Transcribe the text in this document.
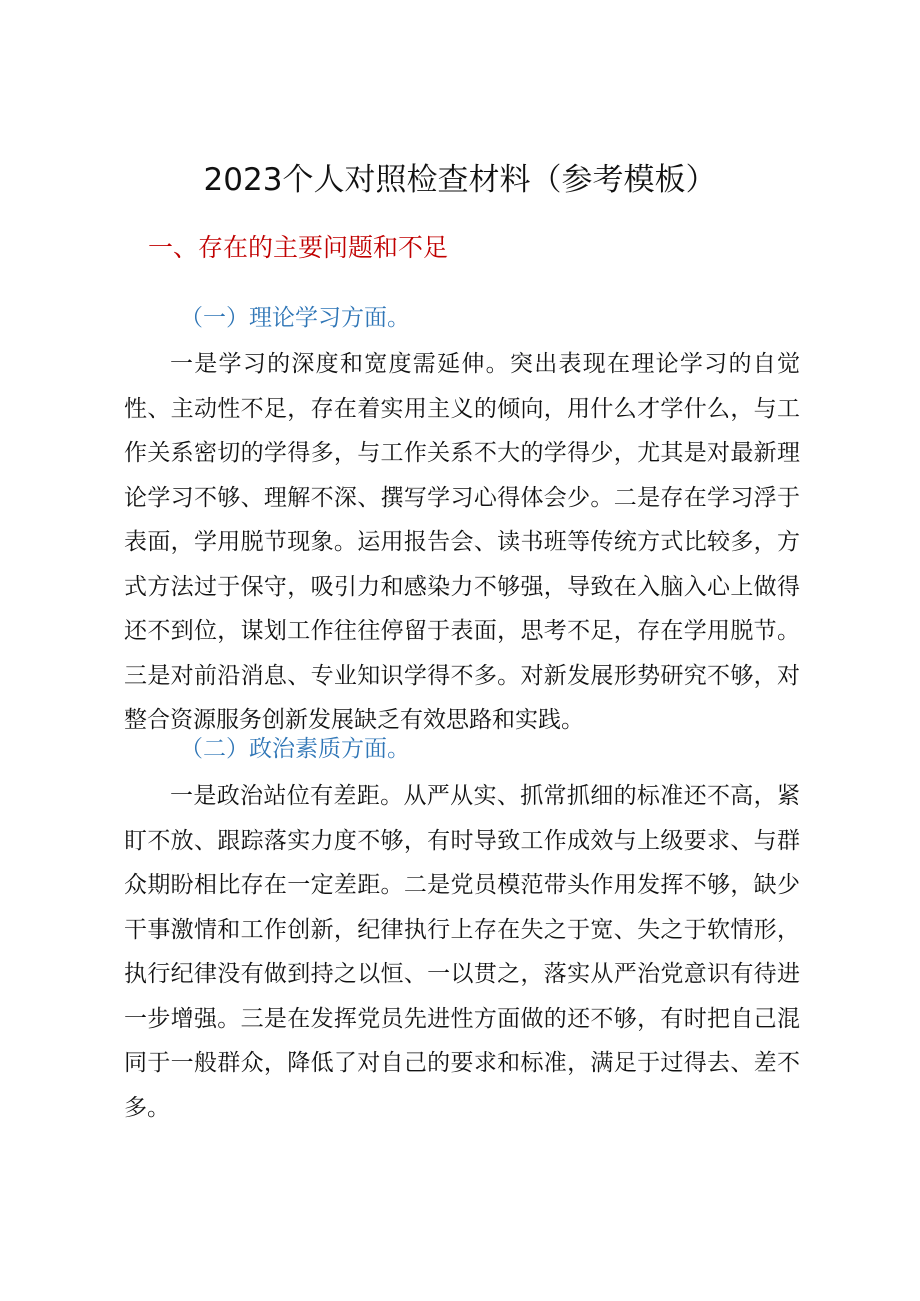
2023个人对照检查材料（参考模板）
一、存在的主要问题和不足
（一）理论学习方面。

一是学习的深度和宽度需延伸。突出表现在理论学习的自觉性、主动性不足，存在着实用主义的倾向，用什么才学什么，与工作关系密切的学得多，与工作关系不大的学得少，尤其是对最新理论学习不够、理解不深、撰写学习心得体会少。二是存在学习浮于表面，学用脱节现象。运用报告会、读书班等传统方式比较多，方式方法过于保守，吸引力和感染力不够强，导致在入脑入心上做得还不到位，谋划工作往往停留于表面，思考不足，存在学用脱节。三是对前沿消息、专业知识学得不多。对新发展形势研究不够，对整合资源服务创新发展缺乏有效思路和实践。

（二）政治素质方面。

一是政治站位有差距。从严从实、抓常抓细的标准还不高，紧盯不放、跟踪落实力度不够，有时导致工作成效与上级要求、与群众期盼相比存在一定差距。二是党员模范带头作用发挥不够，缺少干事激情和工作创新，纪律执行上存在失之于宽、失之于软情形，执行纪律没有做到持之以恒、一以贯之，落实从严治党意识有待进一步增强。三是在发挥党员先进性方面做的还不够，有时把自己混同于一般群众，降低了对自己的要求和标准，满足于过得去、差不多。
